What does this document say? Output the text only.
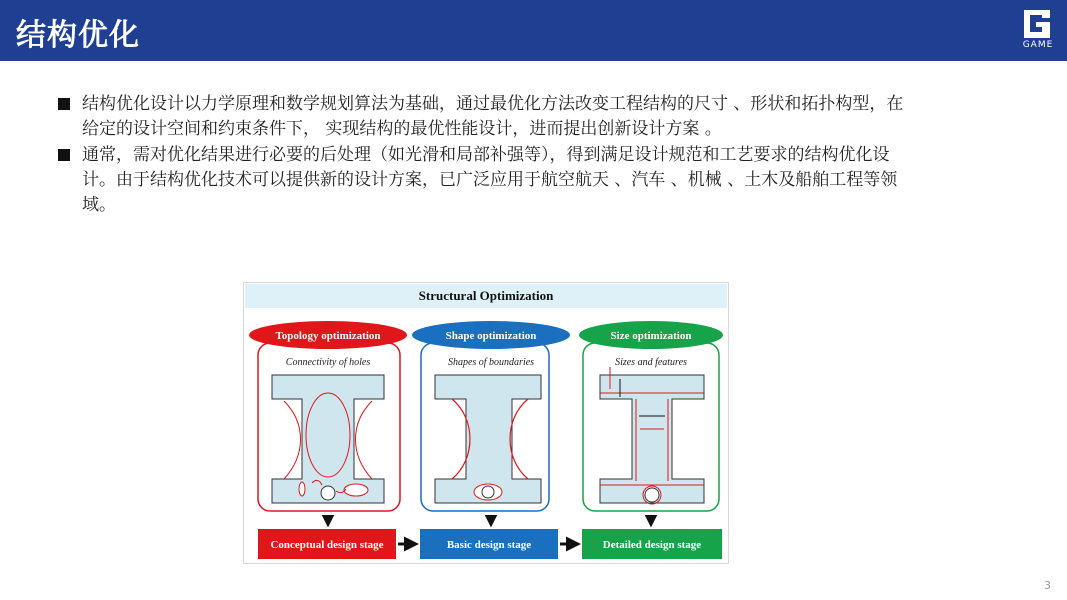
结构优化	GAME
结构优化设计以力学原理和数学规划算法为基础，通过最优化方法改变工程结构的尺寸 、形状和拓扑构型，在给定的设计空间和约束条件下， 实现结构的最优性能设计，进而提出创新设计方案 。
通常，需对优化结果进行必要的后处理（如光滑和局部补强等），得到满足设计规范和工艺要求的结构优化设计。由于结构优化技术可以提供新的设计方案，已广泛应用于航空航天 、汽车 、机械 、土木及船舶工程等领域。
Structural Optimization
Topology optimization
Connectivity of holes
Shape optimization
Shapes of boundaries
Size optimization
Sizes and features
Conceptual design stage	Basic design stage	Detailed design stage
3
